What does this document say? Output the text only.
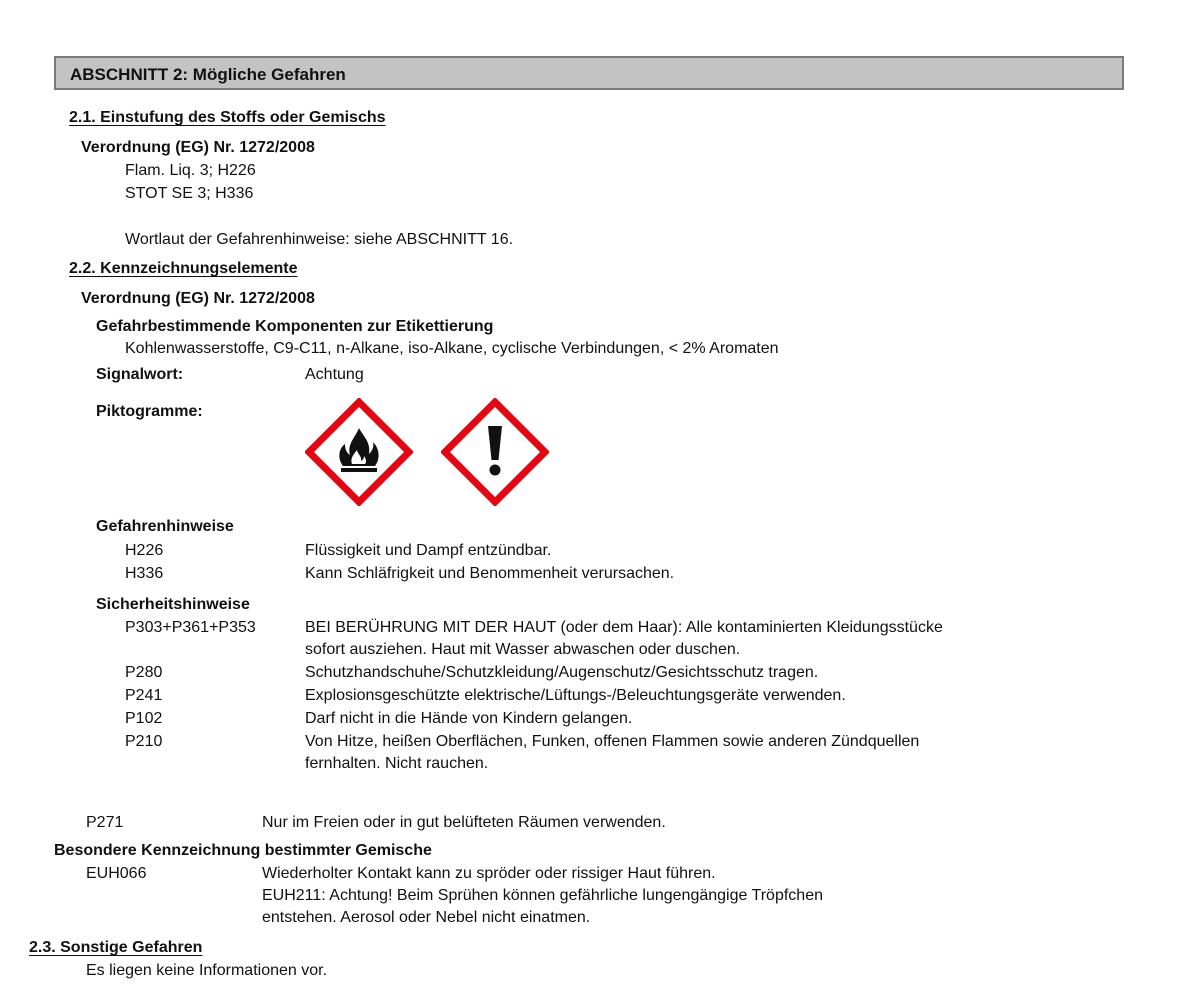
ABSCHNITT 2: Mögliche Gefahren
2.1. Einstufung des Stoffs oder Gemischs
Verordnung (EG) Nr. 1272/2008
Flam. Liq. 3; H226
STOT SE 3; H336
Wortlaut der Gefahrenhinweise: siehe ABSCHNITT 16.
2.2. Kennzeichnungselemente
Verordnung (EG) Nr. 1272/2008
Gefahrbestimmende Komponenten zur Etikettierung
Kohlenwasserstoffe, C9-C11, n-Alkane, iso-Alkane, cyclische Verbindungen, < 2% Aromaten
Signalwort:	Achtung
Piktogramme:
Gefahrenhinweise
H226	Flüssigkeit und Dampf entzündbar.
H336	Kann Schläfrigkeit und Benommenheit verursachen.
Sicherheitshinweise
P303+P361+P353	BEI BERÜHRUNG MIT DER HAUT (oder dem Haar): Alle kontaminierten Kleidungsstücke
sofort ausziehen. Haut mit Wasser abwaschen oder duschen.
P280	Schutzhandschuhe/Schutzkleidung/Augenschutz/Gesichtsschutz tragen.
P241	Explosionsgeschützte elektrische/Lüftungs-/Beleuchtungsgeräte verwenden.
P102	Darf nicht in die Hände von Kindern gelangen.
P210	Von Hitze, heißen Oberflächen, Funken, offenen Flammen sowie anderen Zündquellen
fernhalten. Nicht rauchen.
P271	Nur im Freien oder in gut belüfteten Räumen verwenden.
Besondere Kennzeichnung bestimmter Gemische
EUH066	Wiederholter Kontakt kann zu spröder oder rissiger Haut führen.
EUH211: Achtung! Beim Sprühen können gefährliche lungengängige Tröpfchen
entstehen. Aerosol oder Nebel nicht einatmen.
2.3. Sonstige Gefahren
Es liegen keine Informationen vor.
